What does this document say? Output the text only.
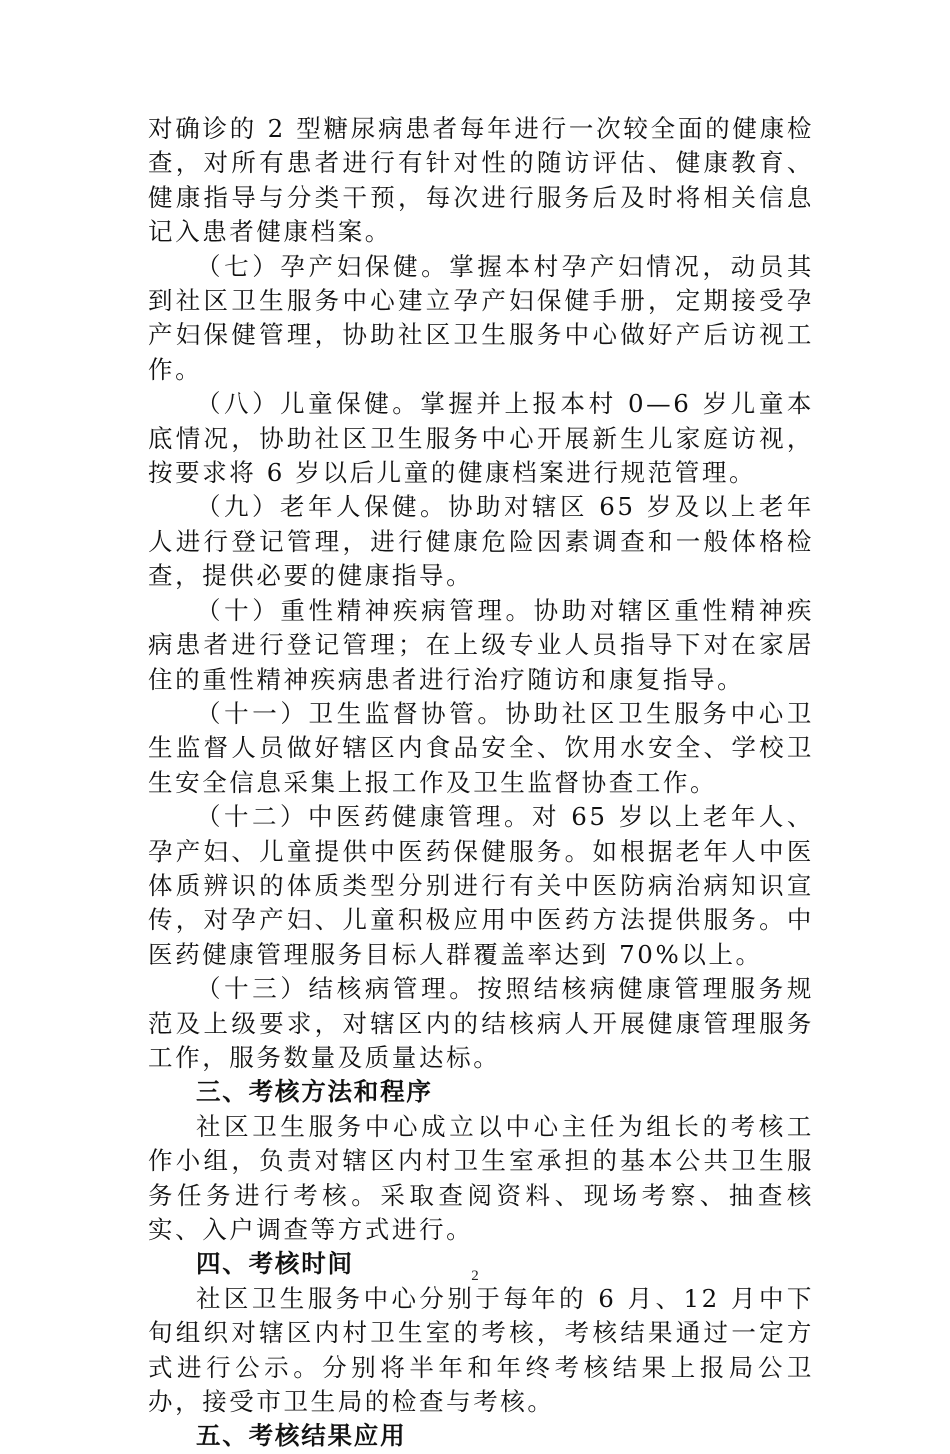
对确诊的 2 型糖尿病患者每年进行一次较全面的健康检查，对所有患者进行有针对性的随访评估、健康教育、健康指导与分类干预，每次进行服务后及时将相关信息记入患者健康档案。

（七）孕产妇保健。掌握本村孕产妇情况，动员其到社区卫生服务中心建立孕产妇保健手册，定期接受孕产妇保健管理，协助社区卫生服务中心做好产后访视工作。

（八）儿童保健。掌握并上报本村 0—6 岁儿童本底情况，协助社区卫生服务中心开展新生儿家庭访视，按要求将 6 岁以后儿童的健康档案进行规范管理。

（九）老年人保健。协助对辖区 65 岁及以上老年人进行登记管理，进行健康危险因素调查和一般体格检查，提供必要的健康指导。

（十）重性精神疾病管理。协助对辖区重性精神疾病患者进行登记管理；在上级专业人员指导下对在家居住的重性精神疾病患者进行治疗随访和康复指导。

（十一）卫生监督协管。协助社区卫生服务中心卫生监督人员做好辖区内食品安全、饮用水安全、学校卫生安全信息采集上报工作及卫生监督协查工作。

（十二）中医药健康管理。对 65 岁以上老年人、孕产妇、儿童提供中医药保健服务。如根据老年人中医体质辨识的体质类型分别进行有关中医防病治病知识宣传，对孕产妇、儿童积极应用中医药方法提供服务。中医药健康管理服务目标人群覆盖率达到 70%以上。

（十三）结核病管理。按照结核病健康管理服务规范及上级要求，对辖区内的结核病人开展健康管理服务工作，服务数量及质量达标。

三、考核方法和程序

社区卫生服务中心成立以中心主任为组长的考核工作小组，负责对辖区内村卫生室承担的基本公共卫生服务任务进行考核。采取查阅资料、现场考察、抽查核实、入户调查等方式进行。

四、考核时间

社区卫生服务中心分别于每年的 6 月、12 月中下旬组织对辖区内村卫生室的考核，考核结果通过一定方式进行公示。分别将半年和年终考核结果上报局公卫办，接受市卫生局的检查与考核。

五、考核结果应用

2
